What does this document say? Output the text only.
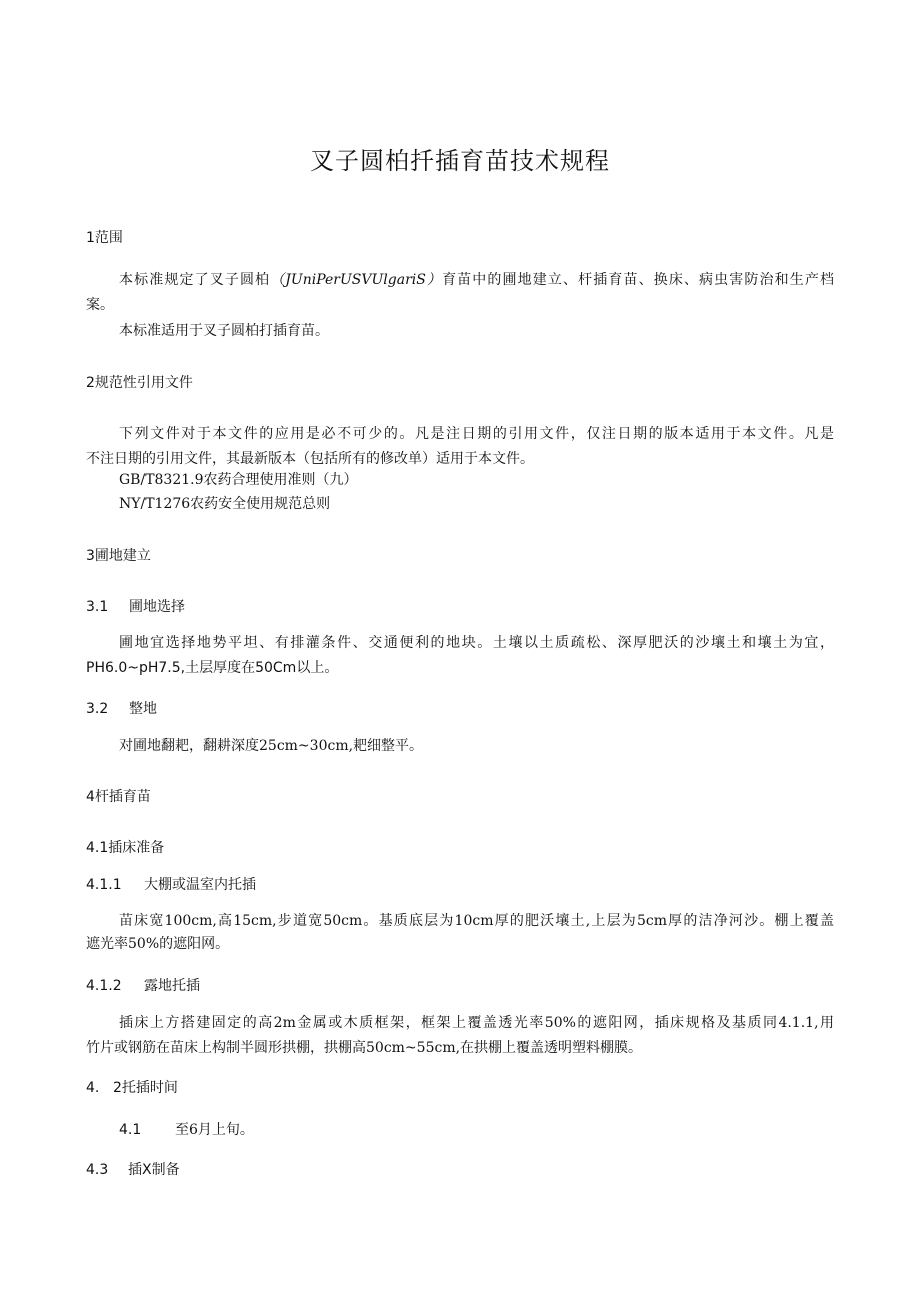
叉子圆柏扦插育苗技术规程
1范围
本标准规定了叉子圆柏（JUniPerUSVUlgariS）育苗中的圃地建立、杆插育苗、换床、病虫害防治和生产档
案。
本标准适用于叉子圆柏打插育苗。
2规范性引用文件
下列文件对于本文件的应用是必不可少的。凡是注日期的引用文件，仅注日期的版本适用于本文件。凡是
不注日期的引用文件，其最新版本（包括所有的修改单）适用于本文件。
GB/T8321.9农药合理使用准则（九）
NY/T1276农药安全使用规范总则
3圃地建立
3.1 圃地选择
圃地宜选择地势平坦、有排灌条件、交通便利的地块。土壤以土质疏松、深厚肥沃的沙壤土和壤土为宜，
PH6.0~pH7.5,土层厚度在50Cm以上。
3.2 整地
对圃地翻耙，翻耕深度25cm~30cm,耙细整平。
4杆插育苗
4.1插床准备
4.1.1 大棚或温室内托插
苗床宽100cm,高15cm,步道宽50cm。基质底层为10cm厚的肥沃壤土,上层为5cm厚的洁净河沙。棚上覆盖
遮光率50%的遮阳网。
4.1.2 露地托插
插床上方搭建固定的高2m金属或木质框架，框架上覆盖透光率50%的遮阳网，插床规格及基质同4.1.1,用
竹片或钢筋在苗床上构制半圆形拱棚，拱棚高50cm~55cm,在拱棚上覆盖透明塑料棚膜。
4. 2托插时间
4.1 至6月上旬。
4.3 插X制备
